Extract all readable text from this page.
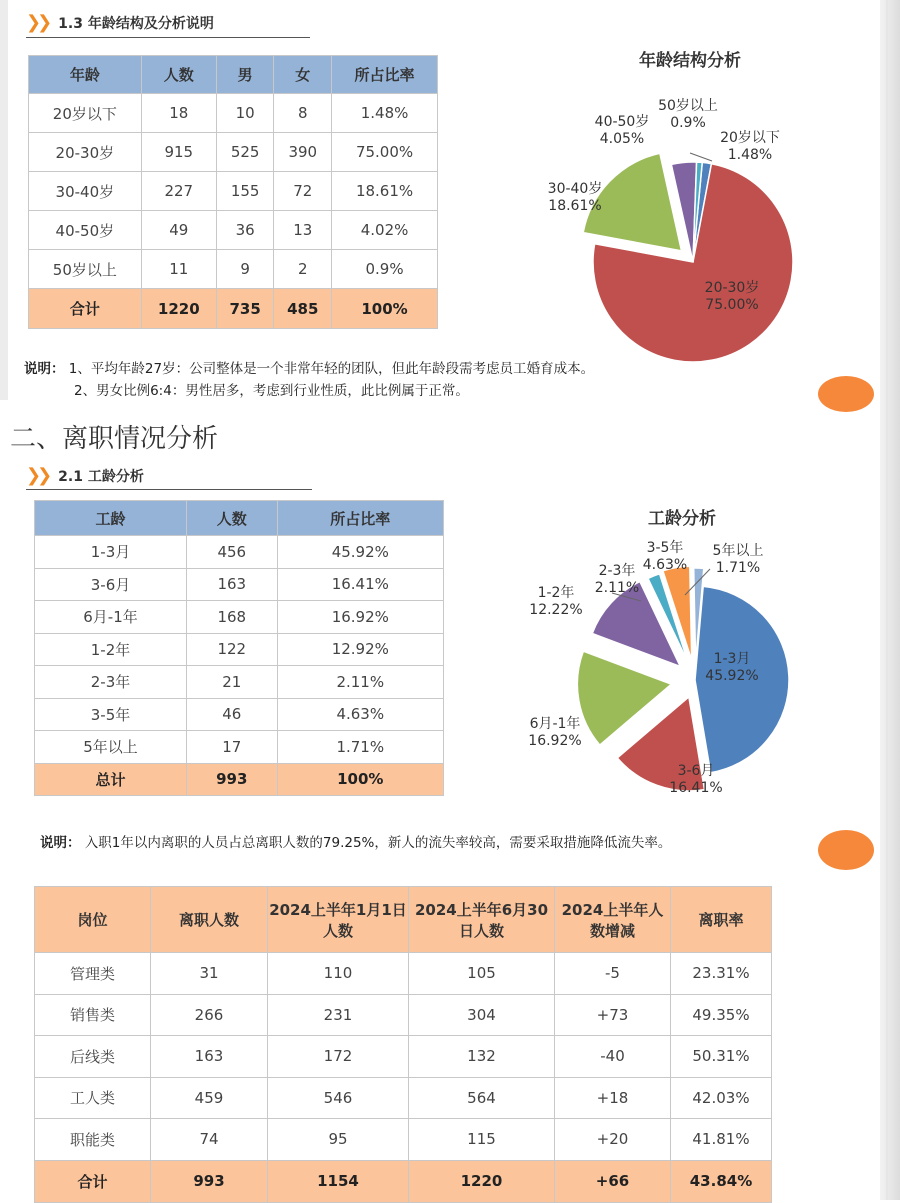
❯❯ 1.3 年龄结构及分析说明
年龄	人数	男	女	所占比率
20岁以下	18	10	8	1.48%
20-30岁	915	525	390	75.00%
30-40岁	227	155	72	18.61%
40-50岁	49	36	13	4.02%
50岁以上	11	9	2	0.9%
合计	1220	735	485	100%
年龄结构分析
20岁以下
1.48%
20-30岁
75.00%
30-40岁
18.61%
40-50岁
4.05%
50岁以上
0.9%
说明： 1、平均年龄27岁：公司整体是一个非常年轻的团队，但此年龄段需考虑员工婚育成本。
2、男女比例6:4：男性居多，考虑到行业性质，此比例属于正常。
二、离职情况分析
❯❯ 2.1 工龄分析
工龄	人数	所占比率
1-3月	456	45.92%
3-6月	163	16.41%
6月-1年	168	16.92%
1-2年	122	12.92%
2-3年	21	2.11%
3-5年	46	4.63%
5年以上	17	1.71%
总计	993	100%
工龄分析
1-3月
45.92%
3-6月
16.41%
6月-1年
16.92%
1-2年
12.22%
2-3年
2.11%
3-5年
4.63%
5年以上
1.71%
说明： 入职1年以内离职的人员占总离职人数的79.25%，新人的流失率较高，需要采取措施降低流失率。
岗位	离职人数	2024上半年1月1日人数	2024上半年6月30日人数	2024上半年人数增减	离职率
管理类	31	110	105	-5	23.31%
销售类	266	231	304	+73	49.35%
后线类	163	172	132	-40	50.31%
工人类	459	546	564	+18	42.03%
职能类	74	95	115	+20	41.81%
合计	993	1154	1220	+66	43.84%
